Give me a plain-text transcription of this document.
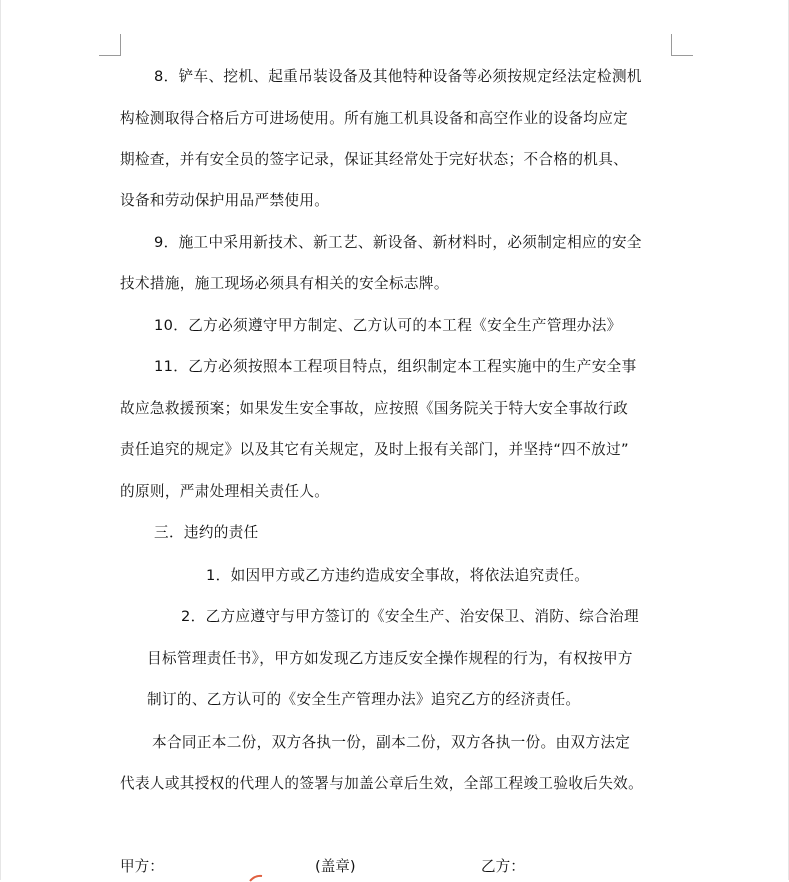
8．铲车、挖机、起重吊装设备及其他特种设备等必须按规定经法定检测机
构检测取得合格后方可进场使用。所有施工机具设备和高空作业的设备均应定
期检查，并有安全员的签字记录，保证其经常处于完好状态；不合格的机具、
设备和劳动保护用品严禁使用。
9．施工中采用新技术、新工艺、新设备、新材料时，必须制定相应的安全
技术措施，施工现场必须具有相关的安全标志牌。
10．乙方必须遵守甲方制定、乙方认可的本工程《安全生产管理办法》
11．乙方必须按照本工程项目特点，组织制定本工程实施中的生产安全事
故应急救援预案；如果发生安全事故，应按照《国务院关于特大安全事故行政
责任追究的规定》以及其它有关规定，及时上报有关部门，并坚持“四不放过”
的原则，严肃处理相关责任人。
三．违约的责任
1．如因甲方或乙方违约造成安全事故，将依法追究责任。
2．乙方应遵守与甲方签订的《安全生产、治安保卫、消防、综合治理
目标管理责任书》，甲方如发现乙方违反安全操作规程的行为，有权按甲方
制订的、乙方认可的《安全生产管理办法》追究乙方的经济责任。
本合同正本二份，双方各执一份，副本二份，双方各执一份。由双方法定
代表人或其授权的代理人的签署与加盖公章后生效，全部工程竣工验收后失效。
甲方：	(盖章)	乙方：
